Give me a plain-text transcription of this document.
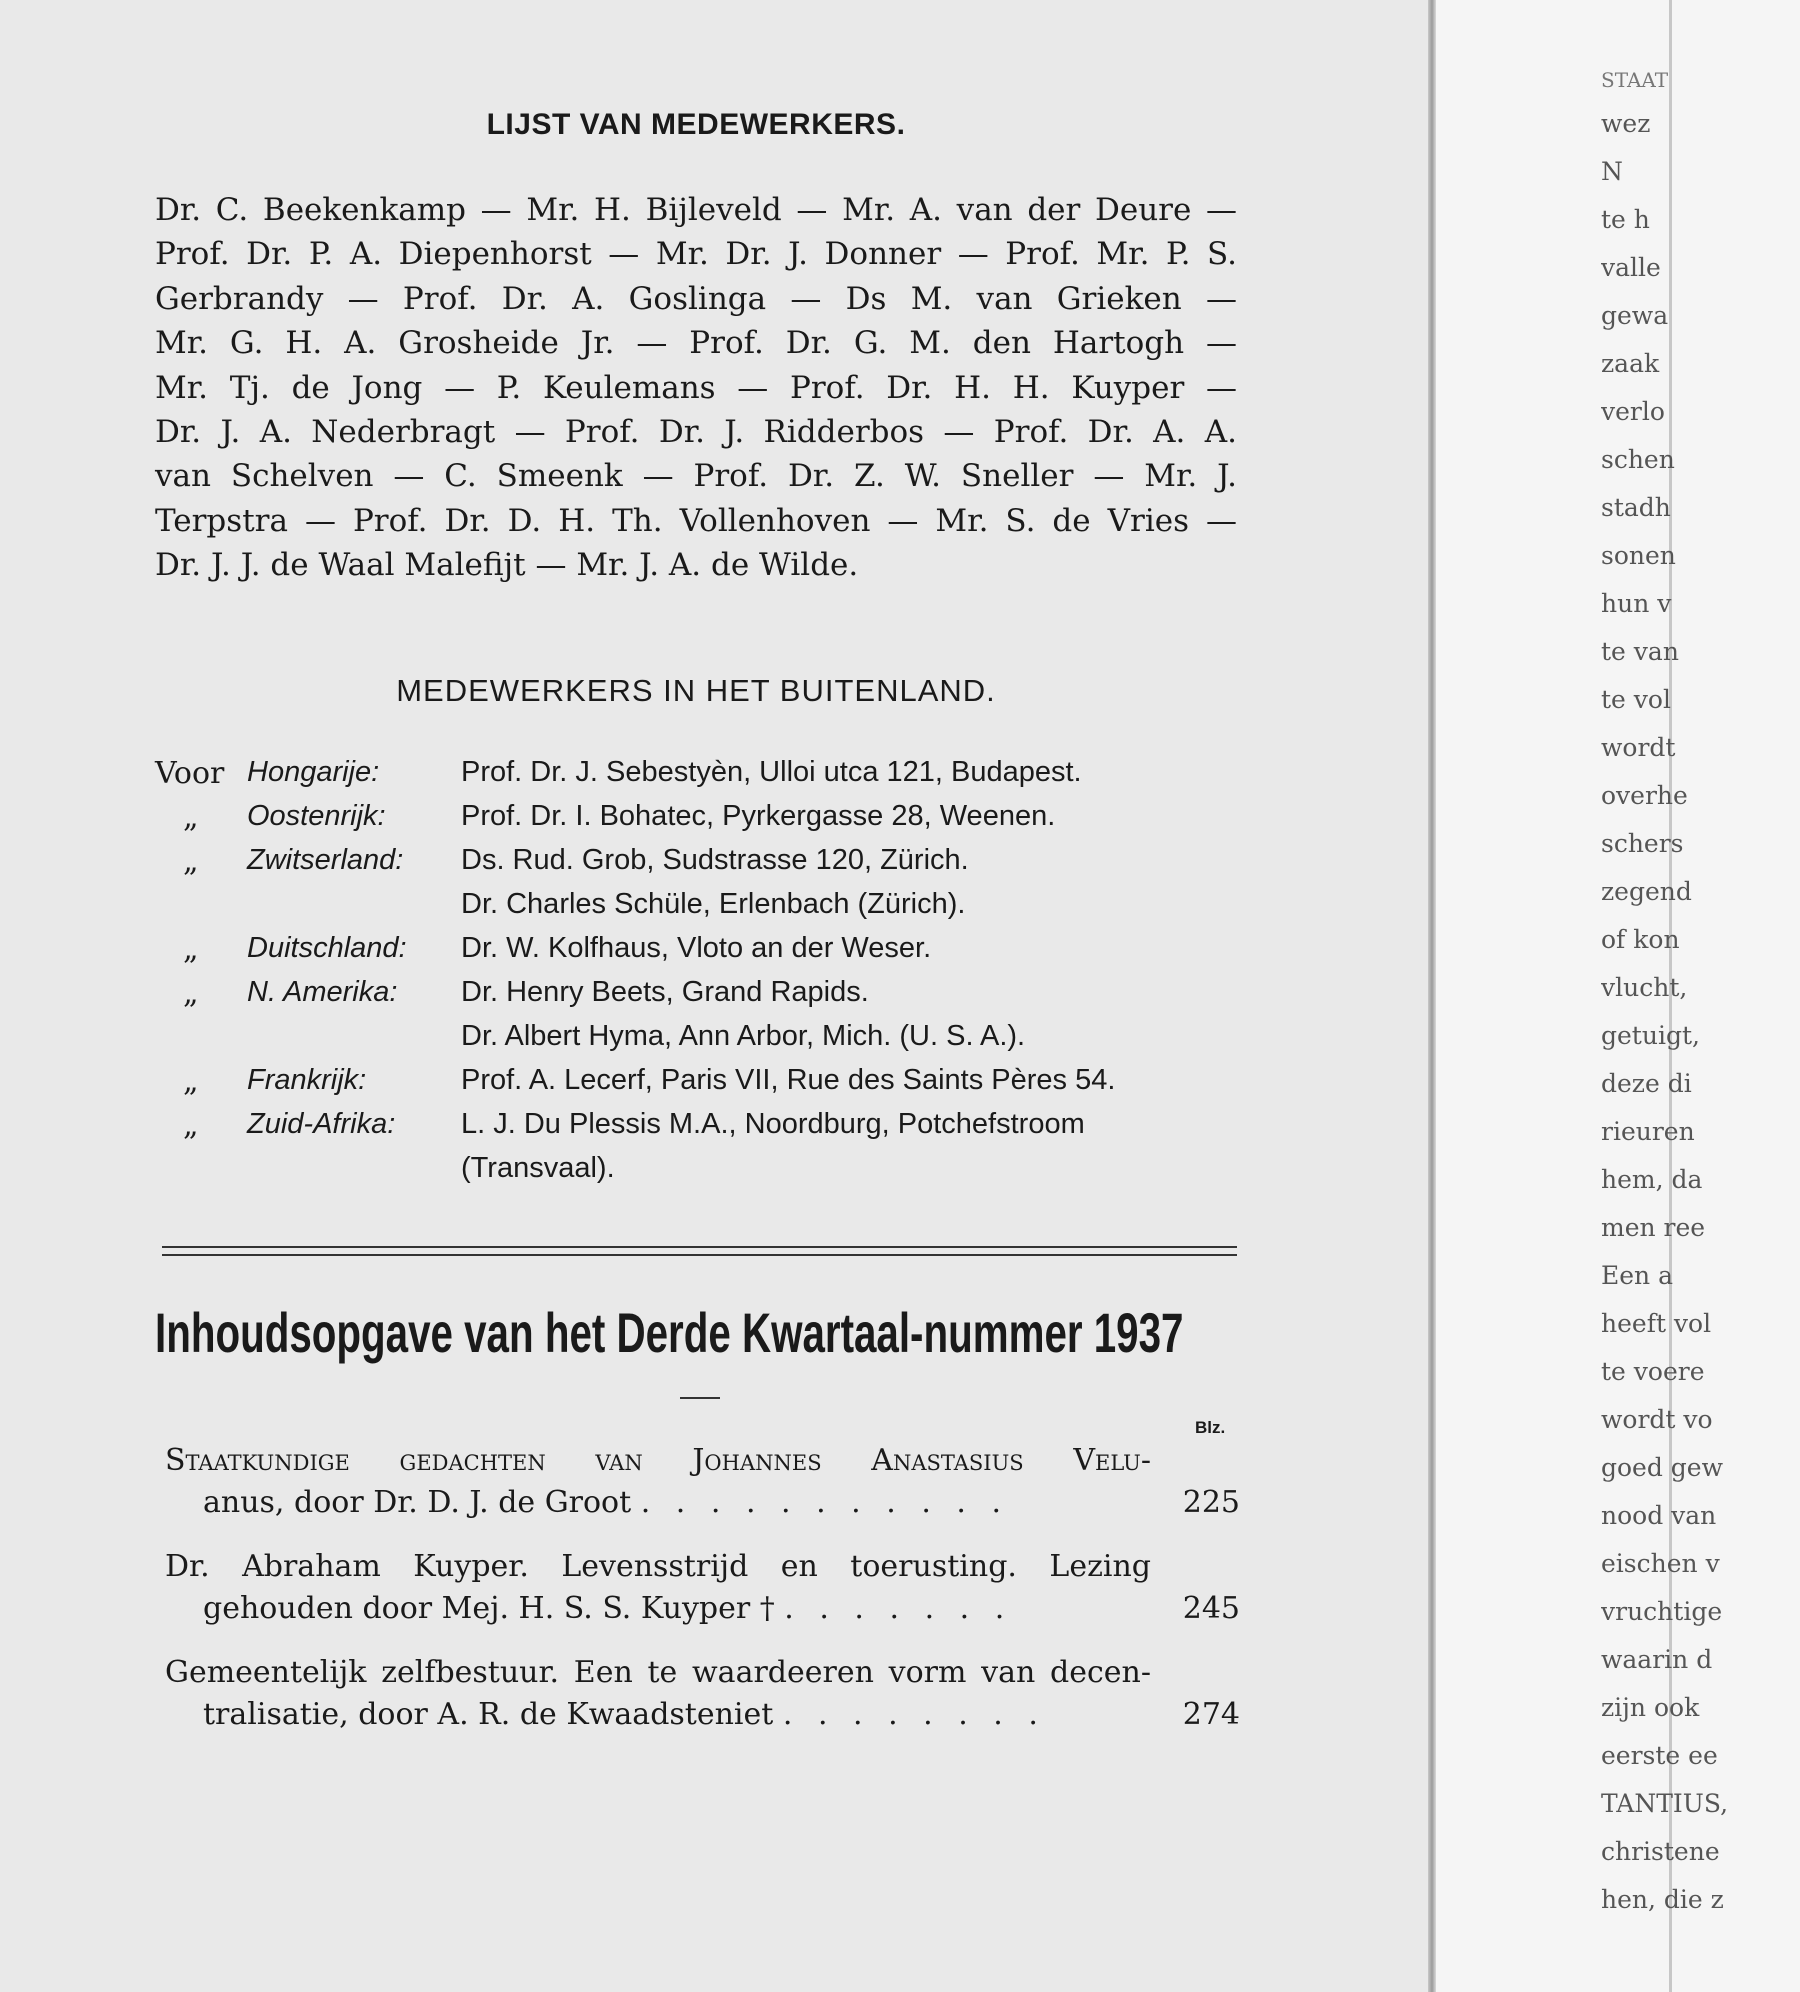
LIJST VAN MEDEWERKERS.
Dr. C. Beekenkamp — Mr. H. Bijleveld — Mr. A. van der Deure —
Prof. Dr. P. A. Diepenhorst — Mr. Dr. J. Donner — Prof. Mr. P. S.
Gerbrandy — Prof. Dr. A. Goslinga — Ds M. van Grieken —
Mr. G. H. A. Grosheide Jr. — Prof. Dr. G. M. den Hartogh —
Mr. Tj. de Jong — P. Keulemans — Prof. Dr. H. H. Kuyper —
Dr. J. A. Nederbragt — Prof. Dr. J. Ridderbos — Prof. Dr. A. A.
van Schelven — C. Smeenk — Prof. Dr. Z. W. Sneller — Mr. J.
Terpstra — Prof. Dr. D. H. Th. Vollenhoven — Mr. S. de Vries —
Dr. J. J. de Waal Malefijt — Mr. J. A. de Wilde.
MEDEWERKERS IN HET BUITENLAND.
Voor Hongarije:	Prof. Dr. J. Sebestyèn, Ulloi utca 121, Budapest.
„	Oostenrijk:	Prof. Dr. I. Bohatec, Pyrkergasse 28, Weenen.
„	Zwitserland: Ds. Rud. Grob, Sudstrasse 120, Zürich.
Dr. Charles Schüle, Erlenbach (Zürich).
„	Duitschland: Dr. W. Kolfhaus, Vloto an der Weser.
„	N. Amerika: Dr. Henry Beets, Grand Rapids.
Dr. Albert Hyma, Ann Arbor, Mich. (U. S. A.).
„	Frankrijk:	Prof. A. Lecerf, Paris VII, Rue des Saints Pères 54.
„	Zuid-Afrika: L. J. Du Plessis M.A., Noordburg, Potchefstroom
(Transvaal).
Inhoudsopgave van het Derde Kwartaal-nummer 1937
Blz.
Staatkundige gedachten van Johannes Anastasius Velu-
anus, door Dr. D. J. de Groot . . . . . . . . . . .	225
Dr. Abraham Kuyper. Levensstrijd en toerusting. Lezing
gehouden door Mej. H. S. S. Kuyper † . . . . . . .	245
Gemeentelijk zelfbestuur. Een te waardeeren vorm van decen-
tralisatie, door A. R. de Kwaadsteniet . . . . . . . .	274
STAAT
wez
N
te h
valle
gewa
zaak
verlo
schen
stadh
sonen
hun v
te van
te vol
wordt
overhe
schers
zegend
of kon
vlucht,
getuigt,
deze di
rieuren
hem, da
men ree
Een a
heeft vol
te voere
wordt vo
goed gew
nood van
eischen v
vruchtige
waarin d
zijn ook
eerste ee
TANTIUS,
christene
hen, die z
